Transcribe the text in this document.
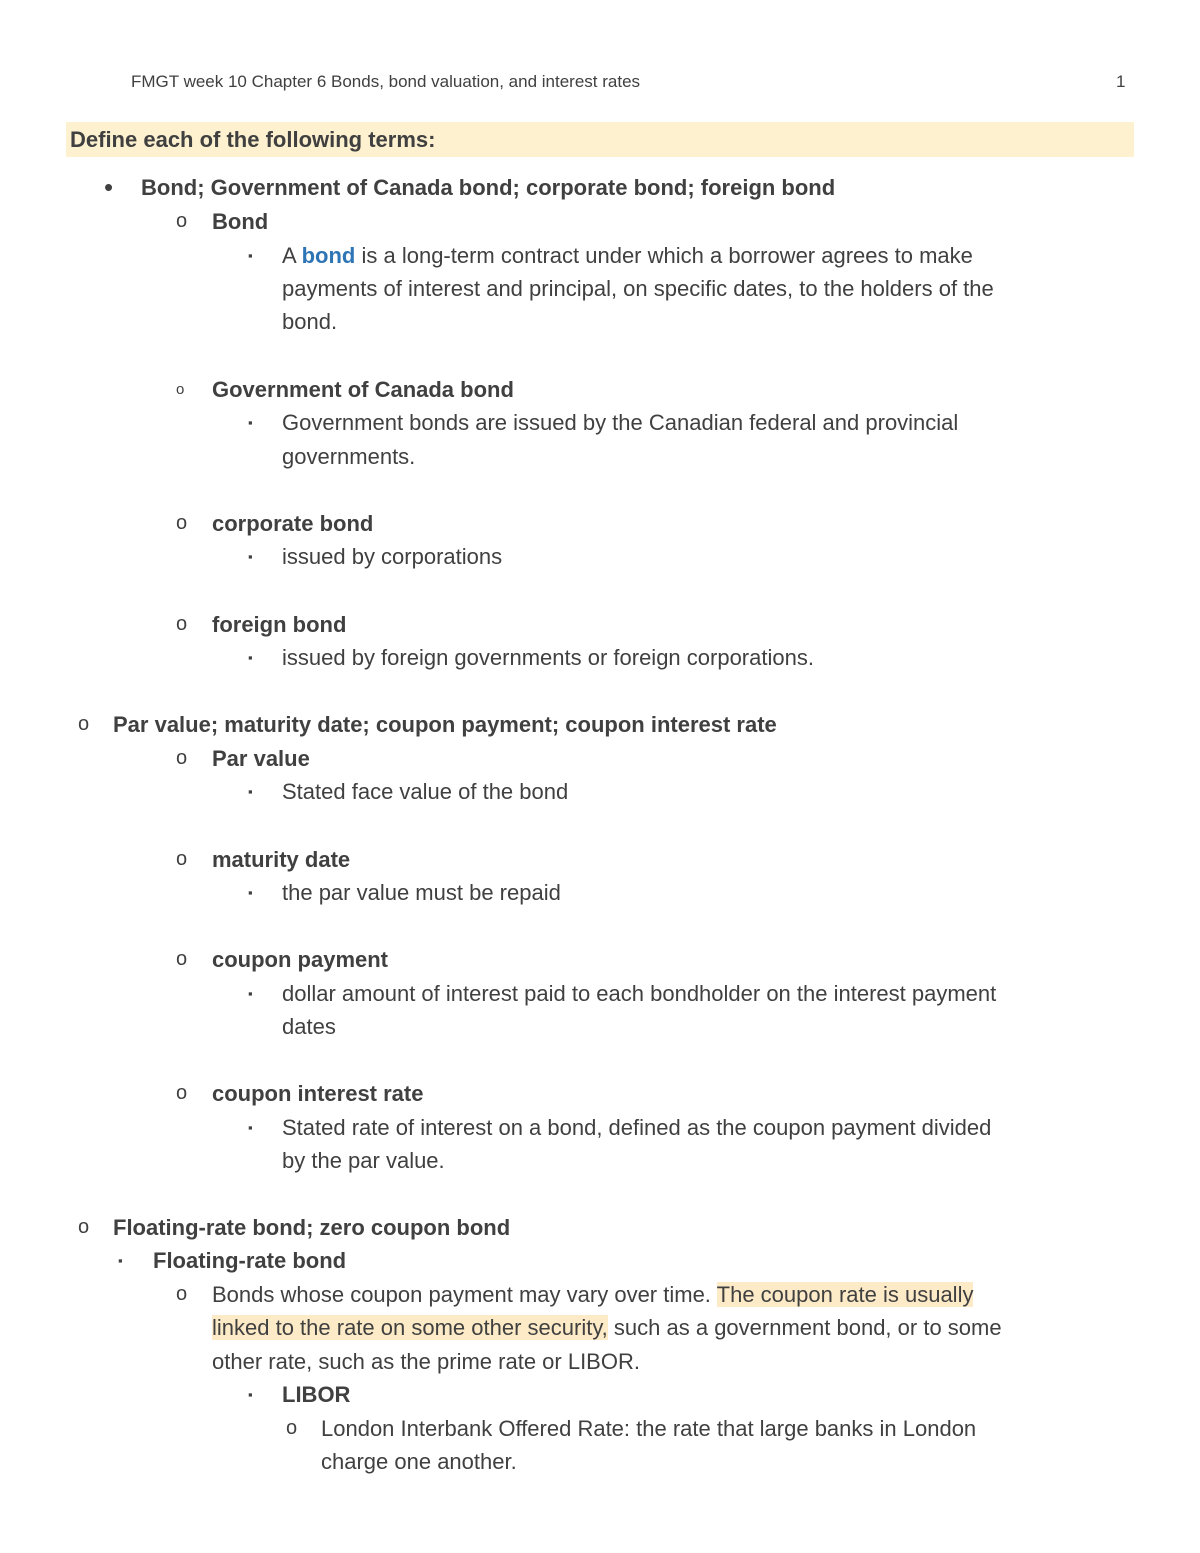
FMGT week 10 Chapter 6 Bonds, bond valuation, and interest rates	1
Define each of the following terms:
• Bond; Government of Canada bond; corporate bond; foreign bond
o Bond
▪ A bond is a long-term contract under which a borrower agrees to make
payments of interest and principal, on specific dates, to the holders of the
bond.
o Government of Canada bond
▪ Government bonds are issued by the Canadian federal and provincial
governments.
o corporate bond
▪ issued by corporations
o foreign bond
▪ issued by foreign governments or foreign corporations.
o Par value; maturity date; coupon payment; coupon interest rate
o Par value
▪ Stated face value of the bond
o maturity date
▪ the par value must be repaid
o coupon payment
▪ dollar amount of interest paid to each bondholder on the interest payment
dates
o coupon interest rate
▪ Stated rate of interest on a bond, defined as the coupon payment divided
by the par value.
o Floating-rate bond; zero coupon bond
▪ Floating-rate bond
o Bonds whose coupon payment may vary over time. The coupon rate is usually
linked to the rate on some other security, such as a government bond, or to some
other rate, such as the prime rate or LIBOR.
▪ LIBOR
o London Interbank Offered Rate: the rate that large banks in London
charge one another.
